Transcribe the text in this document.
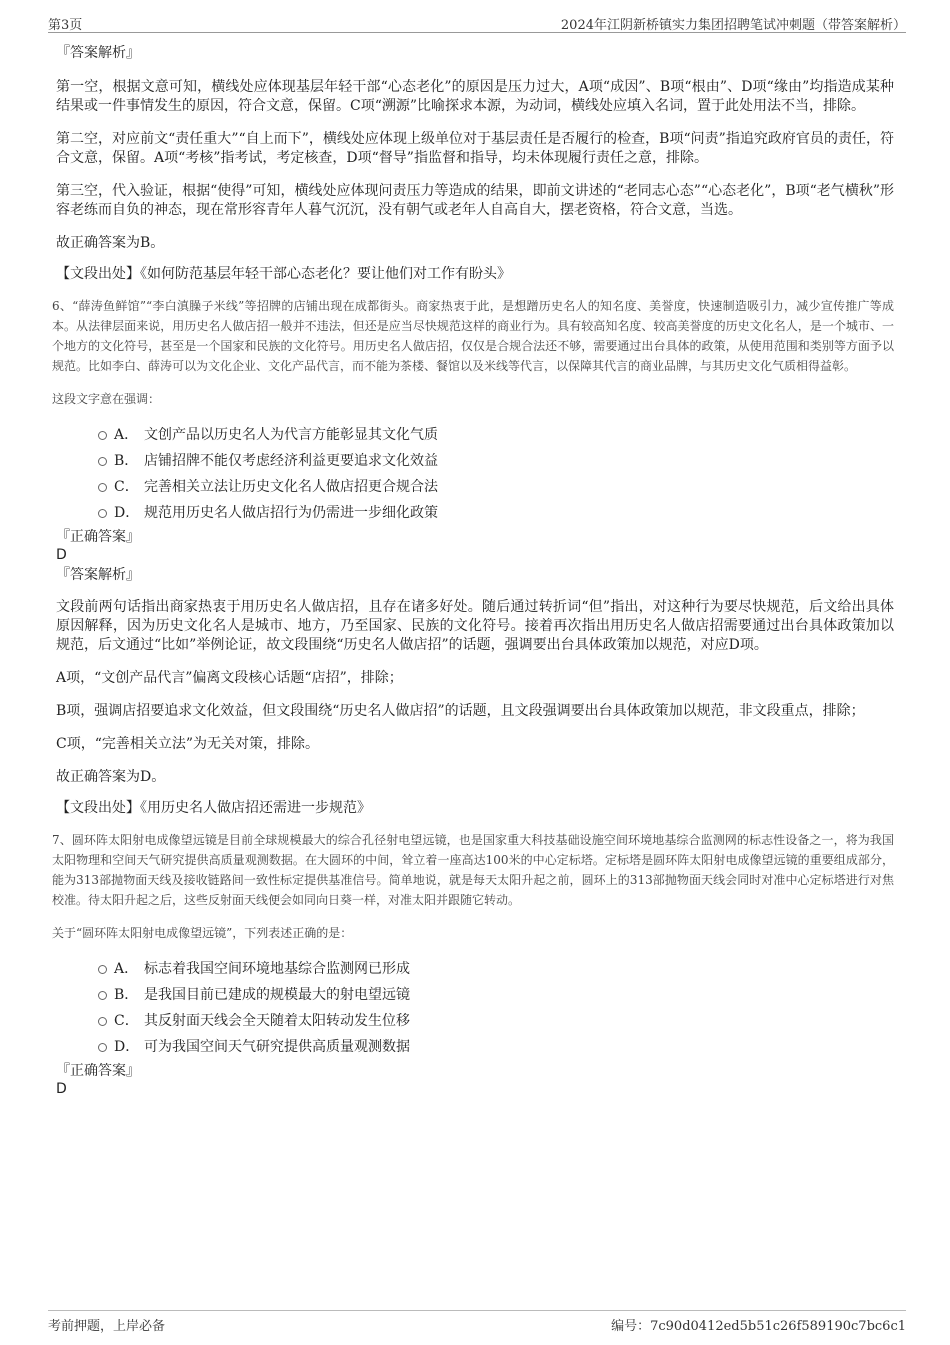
第3页	2024年江阴新桥镇实力集团招聘笔试冲刺题（带答案解析）

『答案解析』

第一空，根据文意可知，横线处应体现基层年轻干部“心态老化”的原因是压力过大，A项“成因”、B项“根由”、D项“缘由”均指造成某种结果或一件事情发生的原因，符合文意，保留。C项“溯源”比喻探求本源，为动词，横线处应填入名词，置于此处用法不当，排除。

第二空，对应前文“责任重大”“自上而下”，横线处应体现上级单位对于基层责任是否履行的检查，B项“问责”指追究政府官员的责任，符合文意，保留。A项“考核”指考试，考定核查，D项“督导”指监督和指导，均未体现履行责任之意，排除。

第三空，代入验证，根据“使得”可知，横线处应体现问责压力等造成的结果，即前文讲述的“老同志心态”“心态老化”，B项“老气横秋”形容老练而自负的神态，现在常形容青年人暮气沉沉，没有朝气或老年人自高自大，摆老资格，符合文意，当选。

故正确答案为B。

【文段出处】《如何防范基层年轻干部心态老化？要让他们对工作有盼头》

6、“薛涛鱼鲜馆”“李白滇臊子米线”等招牌的店铺出现在成都街头。商家热衷于此，是想蹭历史名人的知名度、美誉度，快速制造吸引力，减少宣传推广等成本。从法律层面来说，用历史名人做店招一般并不违法，但还是应当尽快规范这样的商业行为。具有较高知名度、较高美誉度的历史文化名人，是一个城市、一个地方的文化符号，甚至是一个国家和民族的文化符号。用历史名人做店招，仅仅是合规合法还不够，需要通过出台具体的政策，从使用范围和类别等方面予以规范。比如李白、薛涛可以为文化企业、文化产品代言，而不能为茶楼、餐馆以及米线等代言，以保障其代言的商业品牌，与其历史文化气质相得益彰。

这段文字意在强调：

A． 文创产品以历史名人为代言方能彰显其文化气质
B． 店铺招牌不能仅考虑经济利益更要追求文化效益
C． 完善相关立法让历史文化名人做店招更合规合法
D． 规范用历史名人做店招行为仍需进一步细化政策

『正确答案』

D

『答案解析』

文段前两句话指出商家热衷于用历史名人做店招，且存在诸多好处。随后通过转折词“但”指出，对这种行为要尽快规范，后文给出具体原因解释，因为历史文化名人是城市、地方，乃至国家、民族的文化符号。接着再次指出用历史名人做店招需要通过出台具体政策加以规范，后文通过“比如”举例论证，故文段围绕“历史名人做店招”的话题，强调要出台具体政策加以规范，对应D项。

A项，“文创产品代言”偏离文段核心话题“店招”，排除；

B项，强调店招要追求文化效益，但文段围绕“历史名人做店招”的话题，且文段强调要出台具体政策加以规范，非文段重点，排除；

C项，“完善相关立法”为无关对策，排除。

故正确答案为D。

【文段出处】《用历史名人做店招还需进一步规范》

7、圆环阵太阳射电成像望远镜是目前全球规模最大的综合孔径射电望远镜，也是国家重大科技基础设施空间环境地基综合监测网的标志性设备之一，将为我国太阳物理和空间天气研究提供高质量观测数据。在大圆环的中间，耸立着一座高达100米的中心定标塔。定标塔是圆环阵太阳射电成像望远镜的重要组成部分，能为313部抛物面天线及接收链路间一致性标定提供基准信号。简单地说，就是每天太阳升起之前，圆环上的313部抛物面天线会同时对准中心定标塔进行对焦校准。待太阳升起之后，这些反射面天线便会如同向日葵一样，对准太阳并跟随它转动。

关于“圆环阵太阳射电成像望远镜”，下列表述正确的是：

A． 标志着我国空间环境地基综合监测网已形成
B． 是我国目前已建成的规模最大的射电望远镜
C． 其反射面天线会全天随着太阳转动发生位移
D． 可为我国空间天气研究提供高质量观测数据

『正确答案』

D

考前押题，上岸必备	编号：7c90d0412ed5b51c26f589190c7bc6c1
